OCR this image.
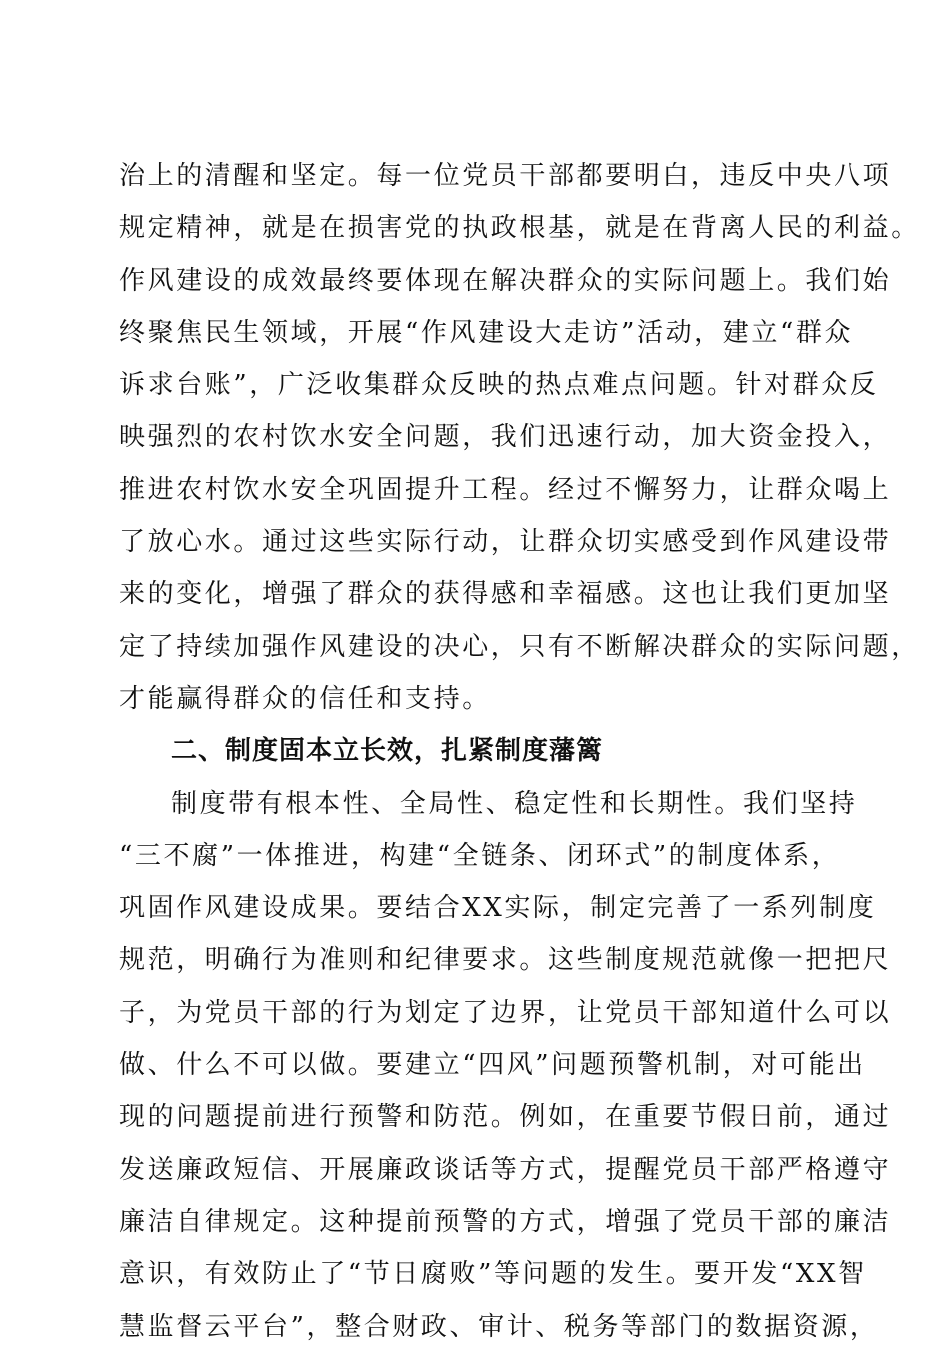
治上的清醒和坚定。每一位党员干部都要明白，违反中央八项
规定精神，就是在损害党的执政根基，就是在背离人民的利益。
作风建设的成效最终要体现在解决群众的实际问题上。我们始
终聚焦民生领域，开展“作风建设大走访”活动，建立“群众
诉求台账”，广泛收集群众反映的热点难点问题。针对群众反
映强烈的农村饮水安全问题，我们迅速行动，加大资金投入，
推进农村饮水安全巩固提升工程。经过不懈努力，让群众喝上
了放心水。通过这些实际行动，让群众切实感受到作风建设带
来的变化，增强了群众的获得感和幸福感。这也让我们更加坚
定了持续加强作风建设的决心，只有不断解决群众的实际问题，
才能赢得群众的信任和支持。
二、制度固本立长效，扎紧制度藩篱
制度带有根本性、全局性、稳定性和长期性。我们坚持
“三不腐”一体推进，构建“全链条、闭环式”的制度体系，
巩固作风建设成果。要结合XX实际，制定完善了一系列制度
规范，明确行为准则和纪律要求。这些制度规范就像一把把尺
子，为党员干部的行为划定了边界，让党员干部知道什么可以
做、什么不可以做。要建立“四风”问题预警机制，对可能出
现的问题提前进行预警和防范。例如，在重要节假日前，通过
发送廉政短信、开展廉政谈话等方式，提醒党员干部严格遵守
廉洁自律规定。这种提前预警的方式，增强了党员干部的廉洁
意识，有效防止了“节日腐败”等问题的发生。要开发“XX智
慧监督云平台”，整合财政、审计、税务等部门的数据资源，
